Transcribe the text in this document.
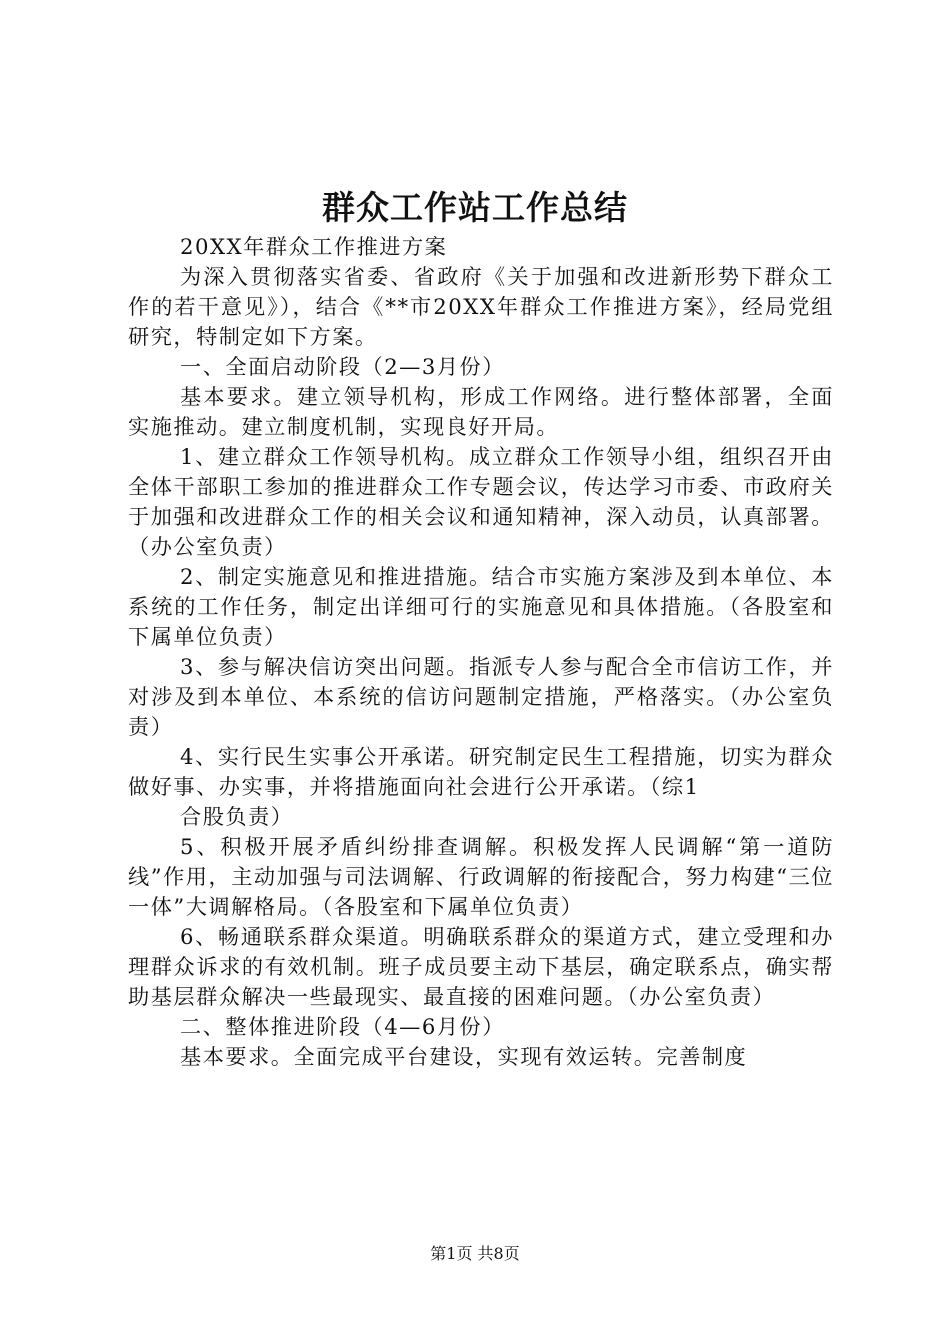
群众工作站工作总结

20XX年群众工作推进方案

为深入贯彻落实省委、省政府《关于加强和改进新形势下群众工作的若干意见》），结合《**市20XX年群众工作推进方案》，经局党组研究，特制定如下方案。

一、全面启动阶段（2—3月份）

基本要求。建立领导机构，形成工作网络。进行整体部署，全面实施推动。建立制度机制，实现良好开局。

1、建立群众工作领导机构。成立群众工作领导小组，组织召开由全体干部职工参加的推进群众工作专题会议，传达学习市委、市政府关于加强和改进群众工作的相关会议和通知精神，深入动员，认真部署。（办公室负责）

2、制定实施意见和推进措施。结合市实施方案涉及到本单位、本系统的工作任务，制定出详细可行的实施意见和具体措施。（各股室和下属单位负责）

3、参与解决信访突出问题。指派专人参与配合全市信访工作，并对涉及到本单位、本系统的信访问题制定措施，严格落实。（办公室负责）

4、实行民生实事公开承诺。研究制定民生工程措施，切实为群众做好事、办实事，并将措施面向社会进行公开承诺。（综1

合股负责）

5、积极开展矛盾纠纷排查调解。积极发挥人民调解“第一道防线”作用，主动加强与司法调解、行政调解的衔接配合，努力构建“三位一体”大调解格局。（各股室和下属单位负责）

6、畅通联系群众渠道。明确联系群众的渠道方式，建立受理和办理群众诉求的有效机制。班子成员要主动下基层，确定联系点，确实帮助基层群众解决一些最现实、最直接的困难问题。（办公室负责）

二、整体推进阶段（4—6月份）

基本要求。全面完成平台建设，实现有效运转。完善制度

第1页 共8页
